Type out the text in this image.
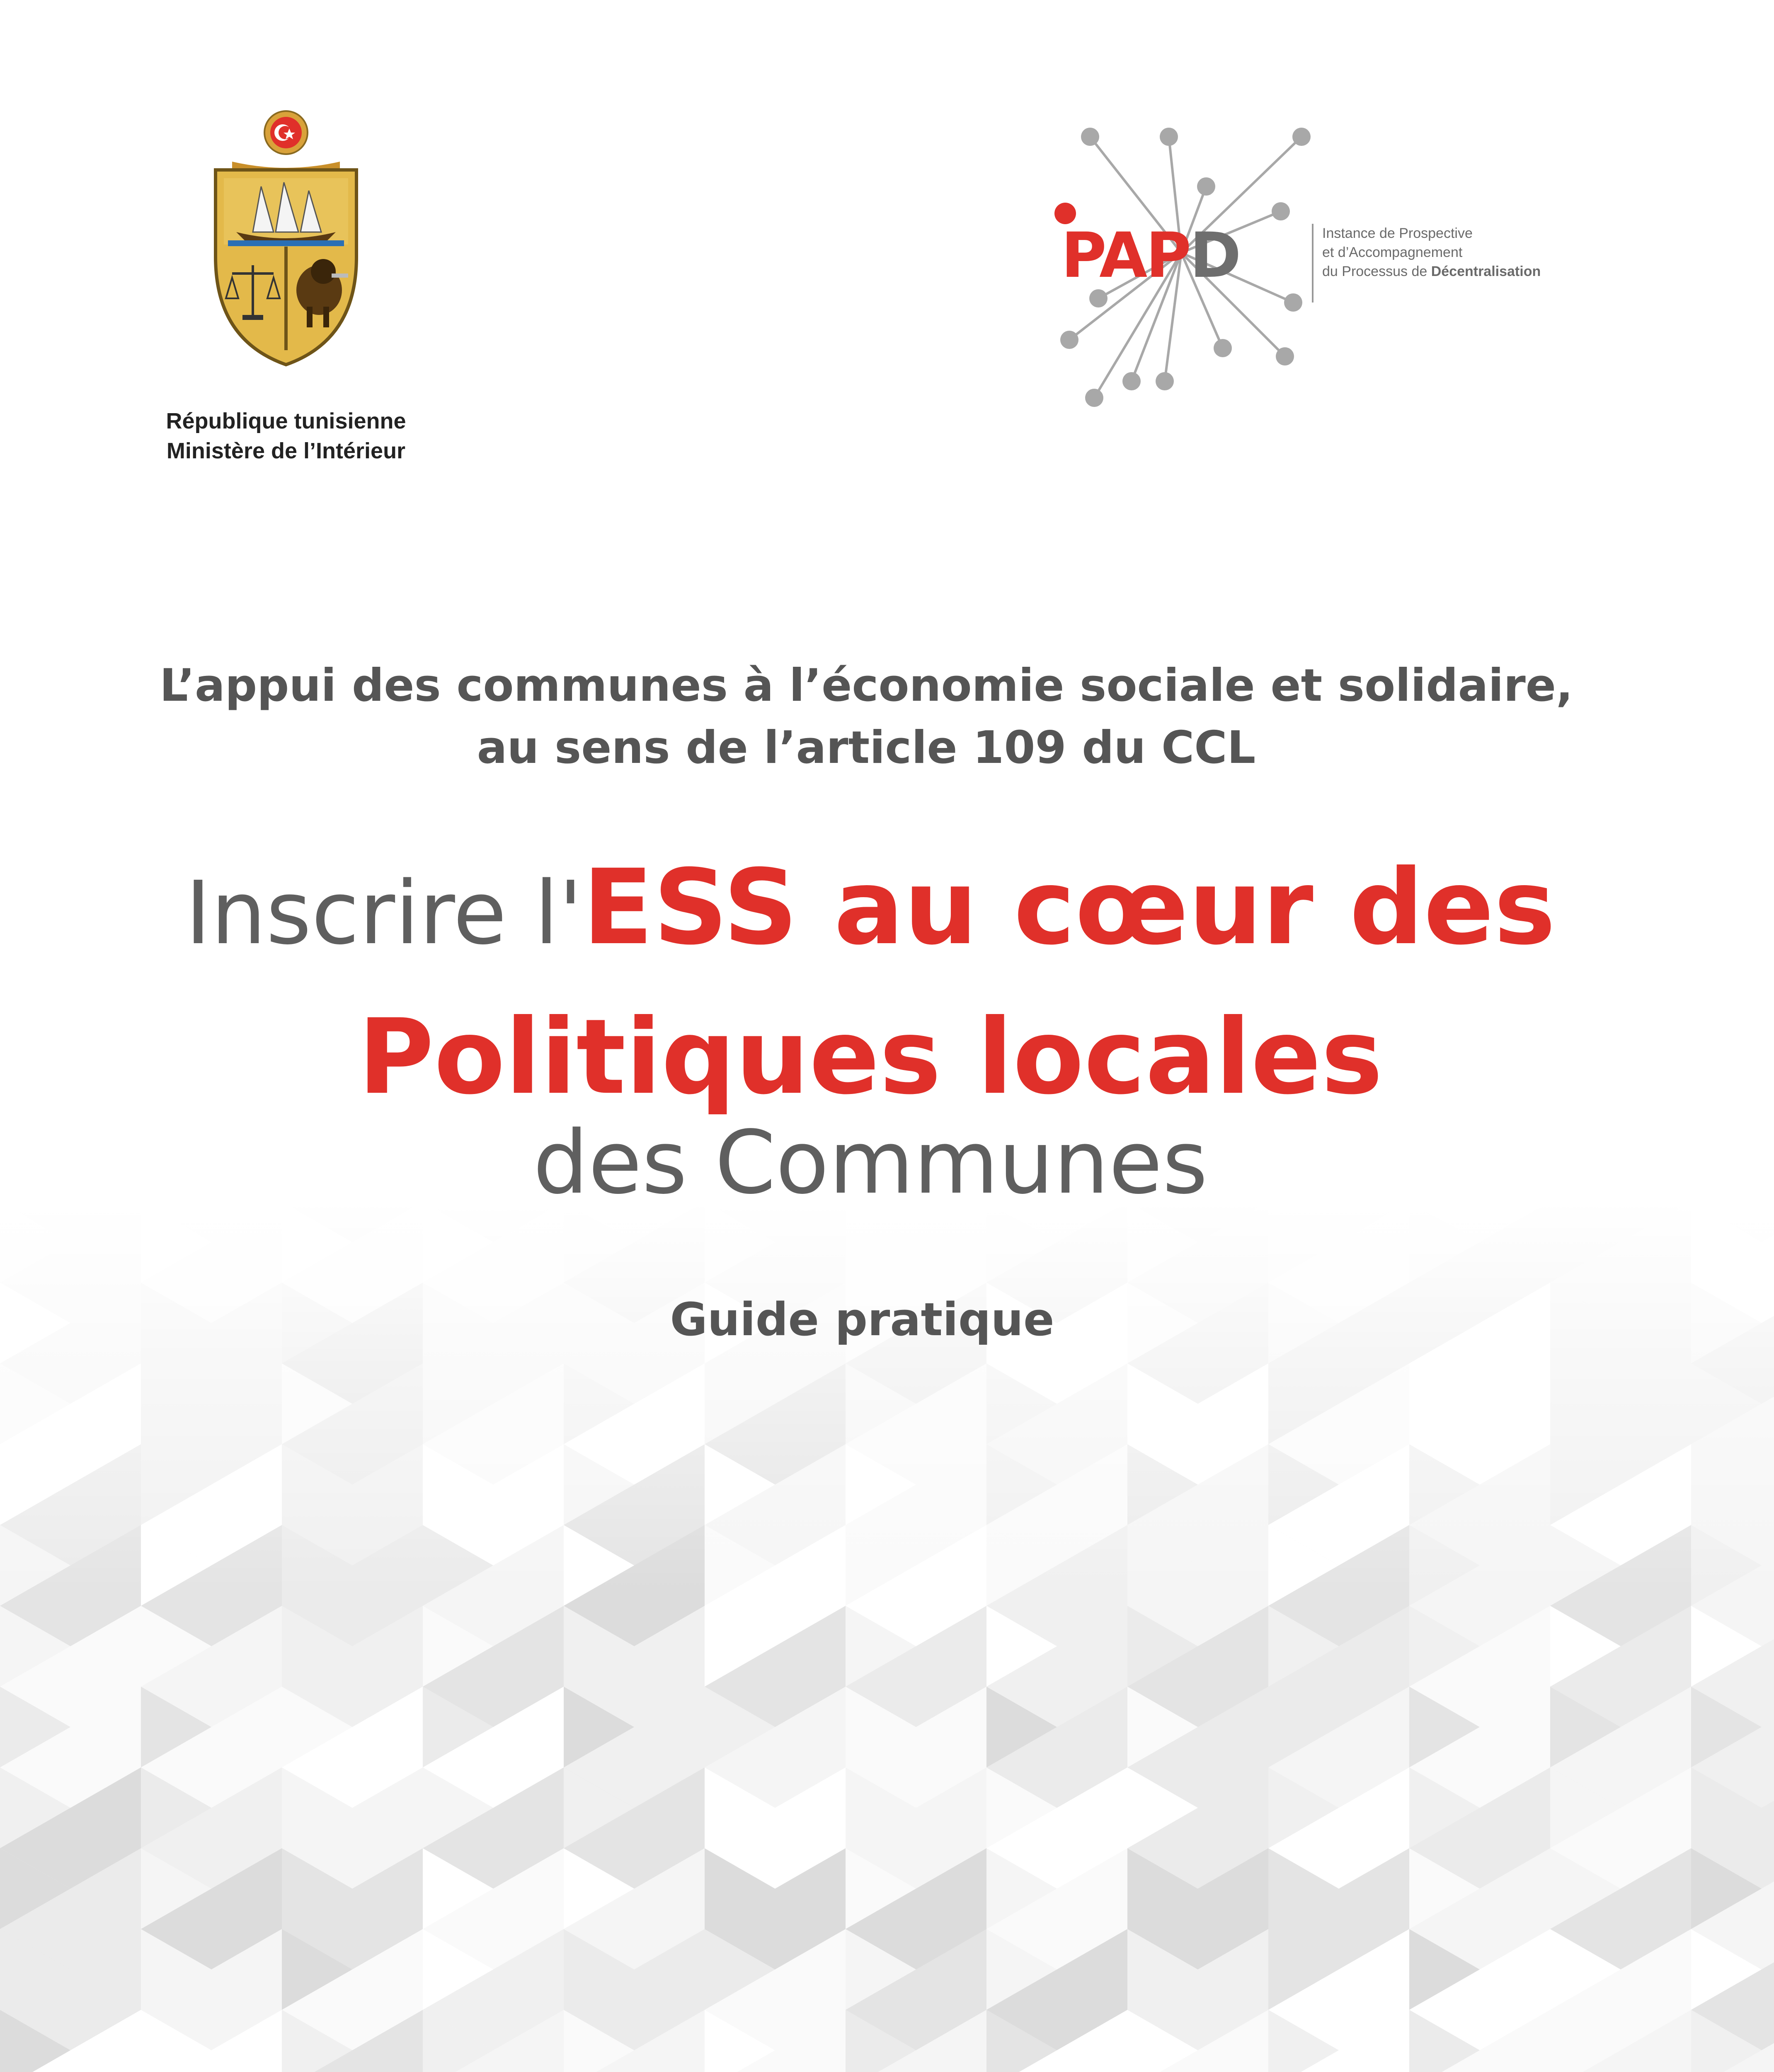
République tunisienne
Ministère de l’Intérieur
PAPD	Instance de Prospective
et d’Accompagnement
du Processus de Décentralisation
L’appui des communes à l’économie sociale et solidaire,
au sens de l’article 109 du CCL
Inscrire l'ESS au cœur des
Politiques locales
des Communes
Guide pratique
